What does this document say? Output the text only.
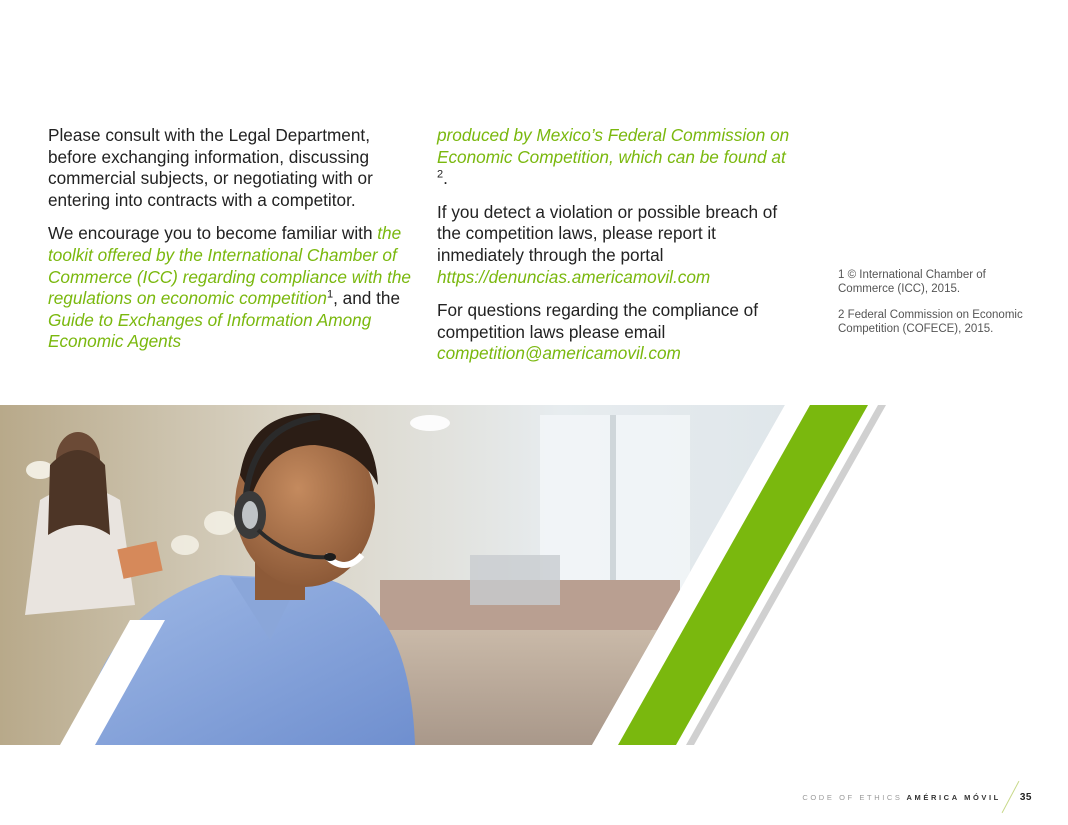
Please consult with the Legal Department, before exchanging information, discussing commercial subjects, or negotiating with or entering into contracts with a competitor.

We encourage you to become familiar with the toolkit offered by the International Chamber of Commerce (ICC) regarding compliance with the regulations on economic competition$^1$, and the Guide to Exchanges of Information Among Economic Agents

produced by Mexico’s Federal Commission on Economic Competition, which can be found at $^2$.

If you detect a violation or possible breach of the competition laws, please report it inmediately through the portal https://denuncias.americamovil.com

For questions regarding the compliance of competition laws please email competition@americamovil.com

1 © International Chamber of Commerce (ICC), 2015.

2 Federal Commission on Economic Competition (COFECE), 2015.

CODE OF ETHICS AMÉRICA MÓVIL 35
